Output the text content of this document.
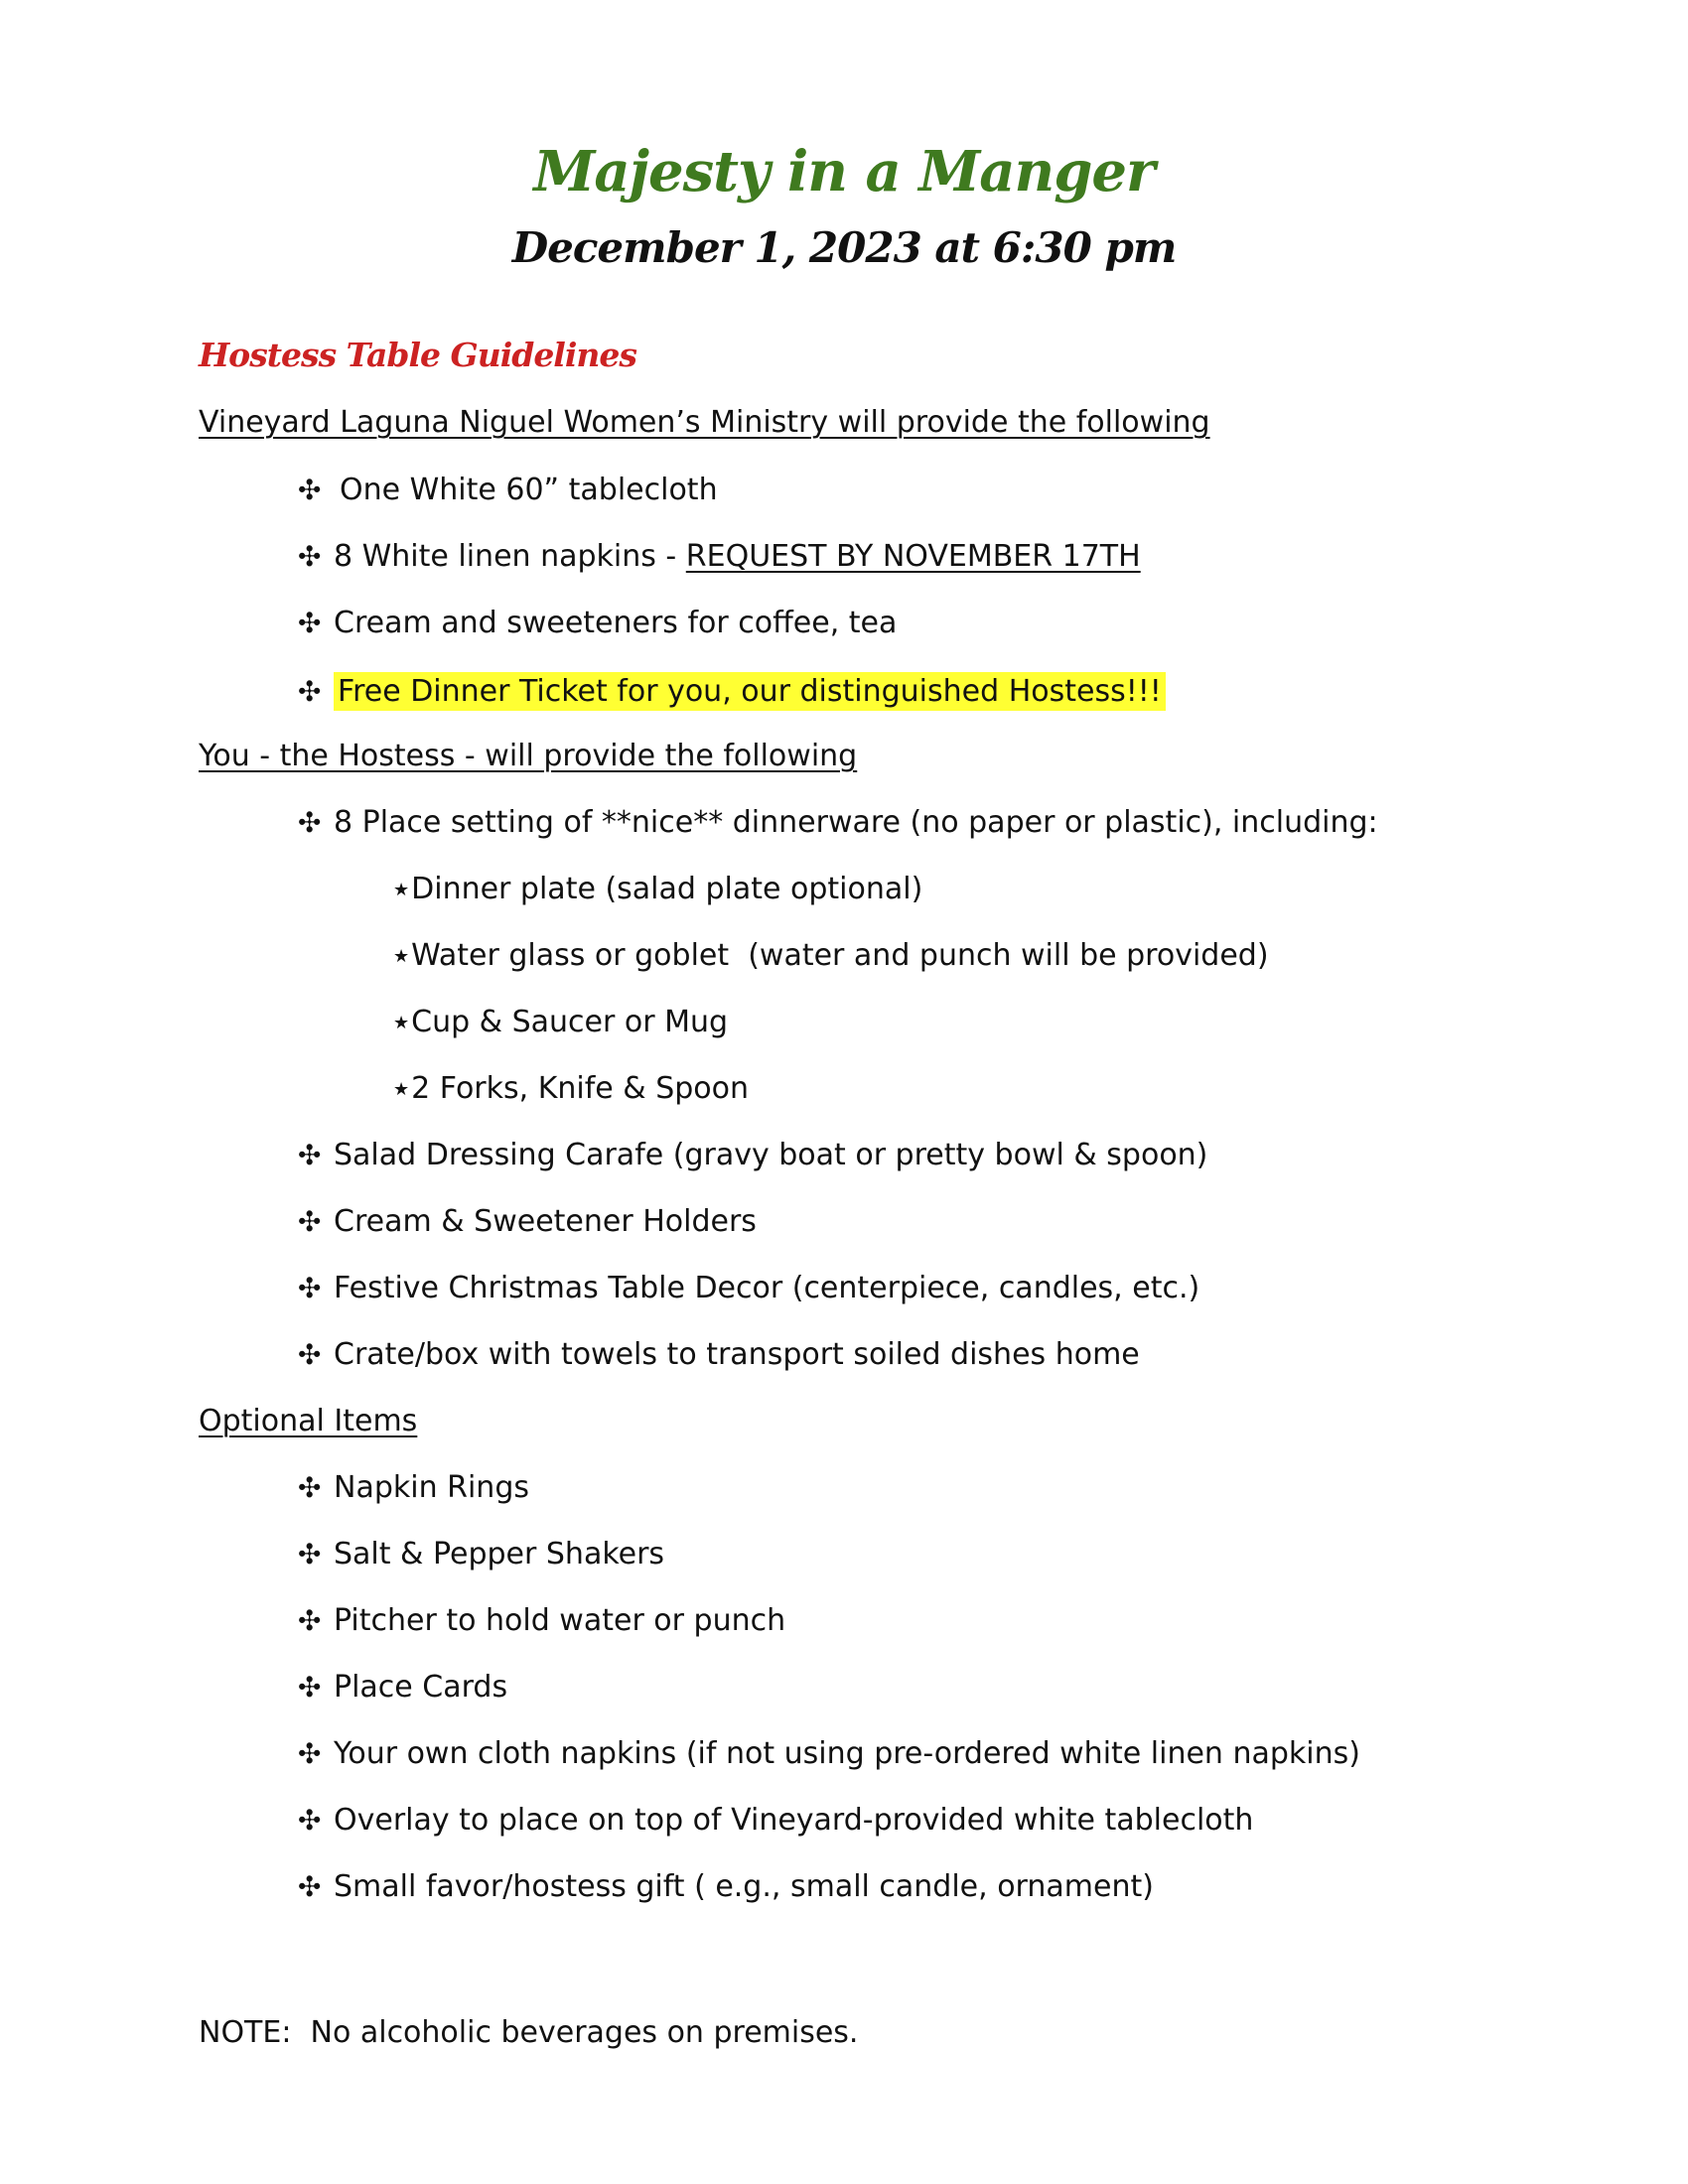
Majesty in a Manger
December 1, 2023 at 6:30 pm
Hostess Table Guidelines
Vineyard Laguna Niguel Women’s Ministry will provide the following
✣ One White 60” tablecloth
✣ 8 White linen napkins - REQUEST BY NOVEMBER 17TH
✣ Cream and sweeteners for coffee, tea
✣ Free Dinner Ticket for you, our distinguished Hostess!!!
You - the Hostess - will provide the following
✣ 8 Place setting of **nice** dinnerware (no paper or plastic), including:
★Dinner plate (salad plate optional)
★Water glass or goblet  (water and punch will be provided)
★Cup & Saucer or Mug
★2 Forks, Knife & Spoon
✣ Salad Dressing Carafe (gravy boat or pretty bowl & spoon)
✣ Cream & Sweetener Holders
✣ Festive Christmas Table Decor (centerpiece, candles, etc.)
✣ Crate/box with towels to transport soiled dishes home
Optional Items
✣ Napkin Rings
✣ Salt & Pepper Shakers
✣ Pitcher to hold water or punch
✣ Place Cards
✣ Your own cloth napkins (if not using pre-ordered white linen napkins)
✣ Overlay to place on top of Vineyard-provided white tablecloth
✣ Small favor/hostess gift ( e.g., small candle, ornament)
NOTE:  No alcoholic beverages on premises.
